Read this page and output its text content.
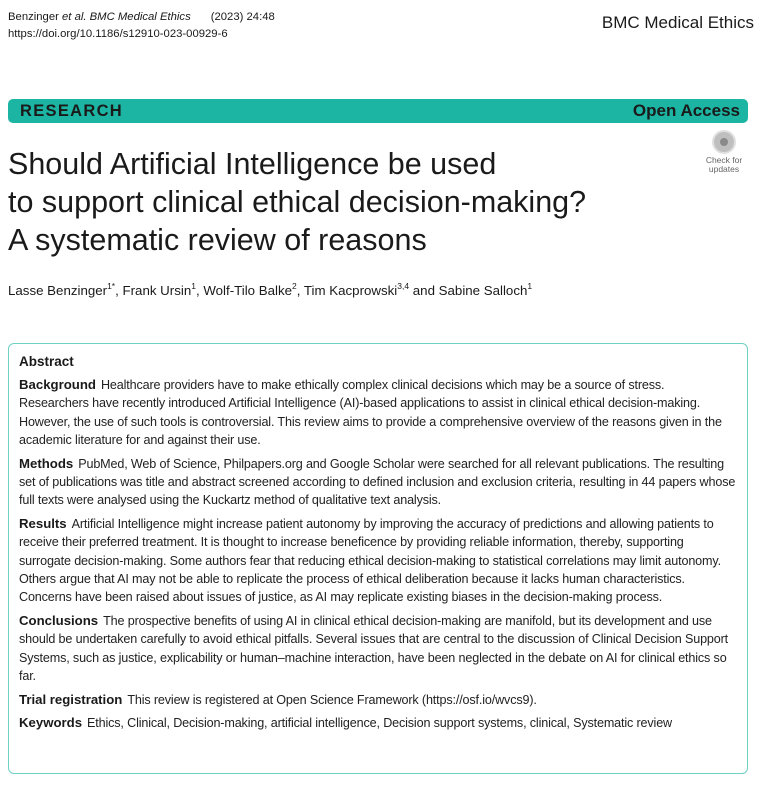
Benzinger et al. BMC Medical Ethics (2023) 24:48
https://doi.org/10.1186/s12910-023-00929-6
BMC Medical Ethics
RESEARCH	Open Access
Should Artificial Intelligence be used
to support clinical ethical decision-making?
A systematic review of reasons
Check for
updates
Lasse Benzinger$^{1*}$, Frank Ursin$^1$, Wolf-Tilo Balke$^2$, Tim Kacprowski$^{3,4}$ and Sabine Salloch$^1$
Abstract

Background Healthcare providers have to make ethically complex clinical decisions which may be a source of stress. Researchers have recently introduced Artificial Intelligence (AI)-based applications to assist in clinical ethical decision-making. However, the use of such tools is controversial. This review aims to provide a comprehensive overview of the reasons given in the academic literature for and against their use.

Methods PubMed, Web of Science, Philpapers.org and Google Scholar were searched for all relevant publications. The resulting set of publications was title and abstract screened according to defined inclusion and exclusion criteria, resulting in 44 papers whose full texts were analysed using the Kuckartz method of qualitative text analysis.

Results Artificial Intelligence might increase patient autonomy by improving the accuracy of predictions and allowing patients to receive their preferred treatment. It is thought to increase beneficence by providing reliable information, thereby, supporting surrogate decision-making. Some authors fear that reducing ethical decision-making to statistical correlations may limit autonomy. Others argue that AI may not be able to replicate the process of ethical deliberation because it lacks human characteristics. Concerns have been raised about issues of justice, as AI may replicate existing biases in the decision-making process.

Conclusions The prospective benefits of using AI in clinical ethical decision-making are manifold, but its development and use should be undertaken carefully to avoid ethical pitfalls. Several issues that are central to the discussion of Clinical Decision Support Systems, such as justice, explicability or human–machine interaction, have been neglected in the debate on AI for clinical ethics so far.

Trial registration This review is registered at Open Science Framework (https://osf.io/wvcs9).

Keywords Ethics, Clinical, Decision-making, artificial intelligence, Decision support systems, clinical, Systematic review
